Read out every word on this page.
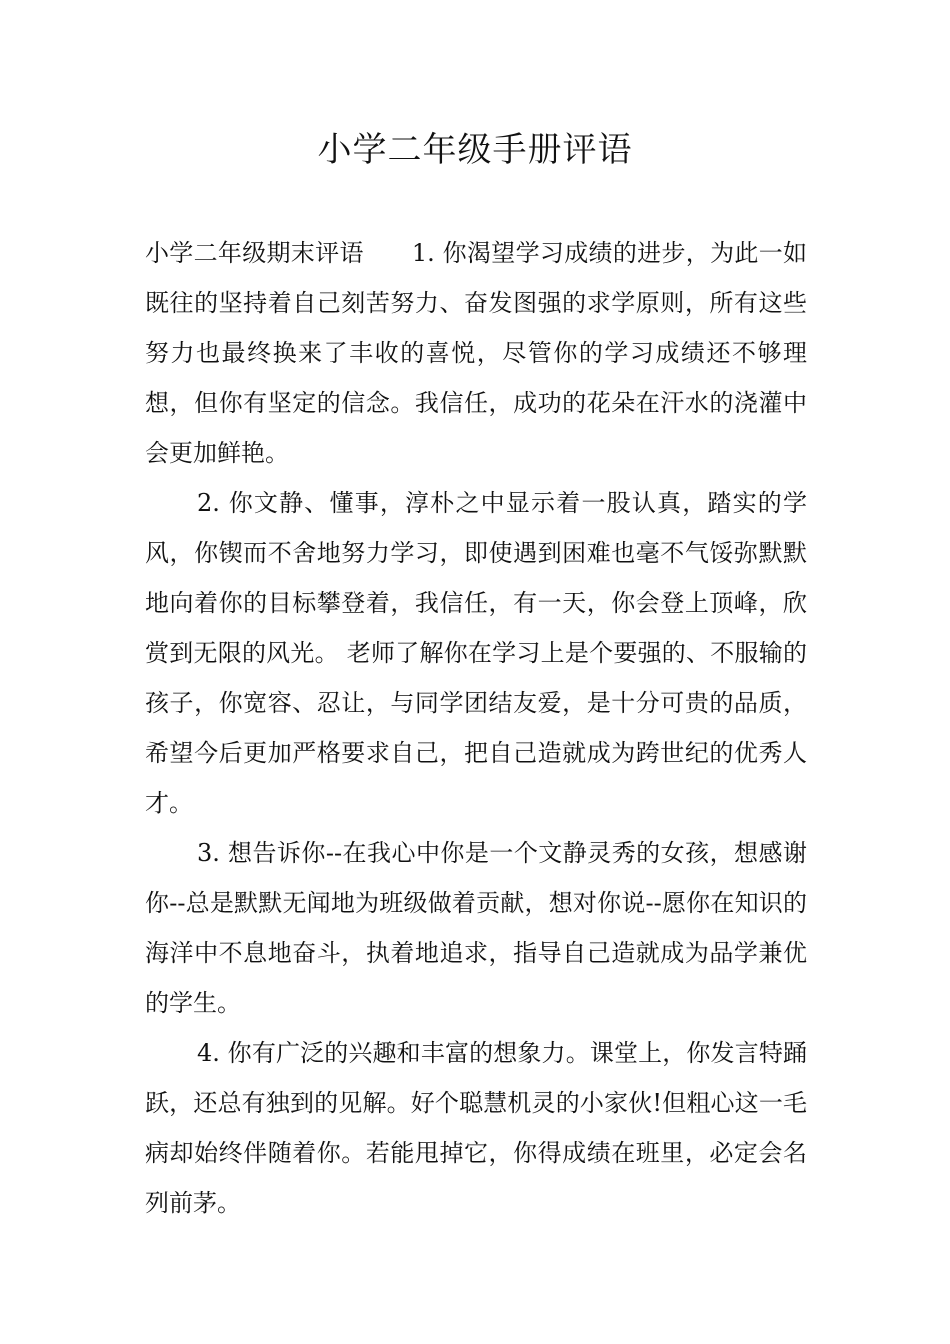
小学二年级手册评语

小学二年级期末评语 1. 你渴望学习成绩的进步，为此一如既往的坚持着自己刻苦努力、奋发图强的求学原则，所有这些努力也最终换来了丰收的喜悦，尽管你的学习成绩还不够理想，但你有坚定的信念。我信任，成功的花朵在汗水的浇灌中会更加鲜艳。

2. 你文静、懂事，淳朴之中显示着一股认真，踏实的学风，你锲而不舍地努力学习，即使遇到困难也毫不气馁弥默默地向着你的目标攀登着，我信任，有一天，你会登上顶峰，欣赏到无限的风光。 老师了解你在学习上是个要强的、不服输的孩子，你宽容、忍让，与同学团结友爱，是十分可贵的品质，希望今后更加严格要求自己，把自己造就成为跨世纪的优秀人才。

3. 想告诉你--在我心中你是一个文静灵秀的女孩，想感谢你--总是默默无闻地为班级做着贡献，想对你说--愿你在知识的海洋中不息地奋斗，执着地追求，指导自己造就成为品学兼优的学生。

4. 你有广泛的兴趣和丰富的想象力。课堂上，你发言特踊跃，还总有独到的见解。好个聪慧机灵的小家伙!但粗心这一毛病却始终伴随着你。若能甩掉它，你得成绩在班里，必定会名列前茅。
